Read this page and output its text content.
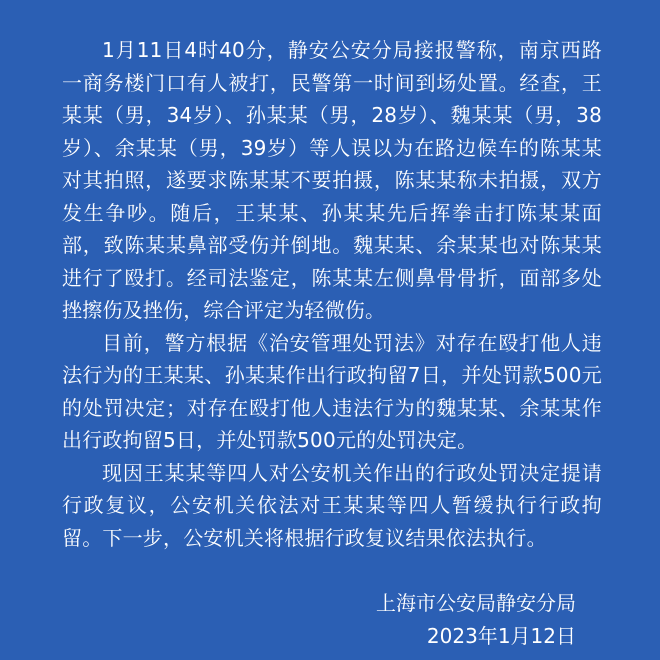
1月11日4时40分，静安公安分局接报警称，南京西路一商务楼门口有人被打，民警第一时间到场处置。经查，王某某（男，34岁）、孙某某（男，28岁）、魏某某（男，38岁）、余某某（男，39岁）等人误以为在路边候车的陈某某对其拍照，遂要求陈某某不要拍摄，陈某某称未拍摄，双方发生争吵。随后，王某某、孙某某先后挥拳击打陈某某面部，致陈某某鼻部受伤并倒地。魏某某、余某某也对陈某某进行了殴打。经司法鉴定，陈某某左侧鼻骨骨折，面部多处挫擦伤及挫伤，综合评定为轻微伤。

目前，警方根据《治安管理处罚法》对存在殴打他人违法行为的王某某、孙某某作出行政拘留7日，并处罚款500元的处罚决定；对存在殴打他人违法行为的魏某某、余某某作出行政拘留5日，并处罚款500元的处罚决定。

现因王某某等四人对公安机关作出的行政处罚决定提请行政复议，公安机关依法对王某某等四人暂缓执行行政拘留。下一步，公安机关将根据行政复议结果依法执行。

上海市公安局静安分局
2023年1月12日
